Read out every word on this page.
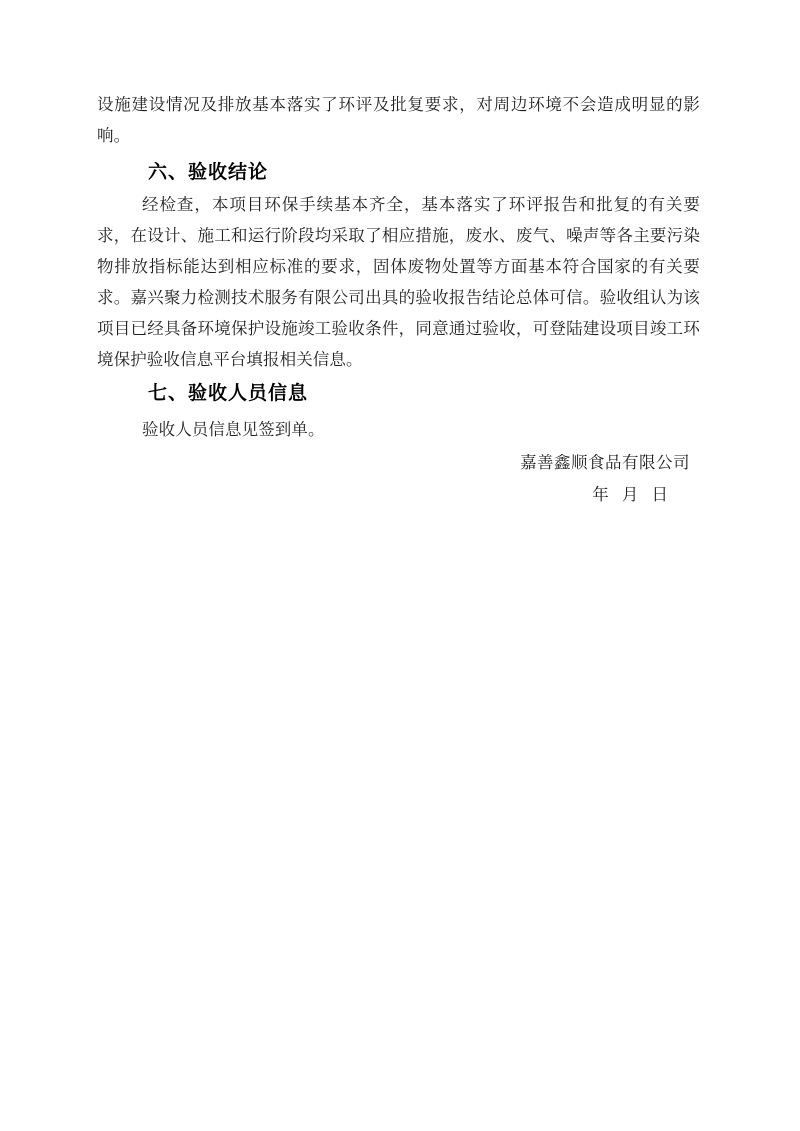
设施建设情况及排放基本落实了环评及批复要求，对周边环境不会造成明显的影响。

六、验收结论

经检查，本项目环保手续基本齐全，基本落实了环评报告和批复的有关要求，在设计、施工和运行阶段均采取了相应措施，废水、废气、噪声等各主要污染物排放指标能达到相应标准的要求，固体废物处置等方面基本符合国家的有关要求。嘉兴聚力检测技术服务有限公司出具的验收报告结论总体可信。验收组认为该项目已经具备环境保护设施竣工验收条件，同意通过验收，可登陆建设项目竣工环境保护验收信息平台填报相关信息。

七、验收人员信息

验收人员信息见签到单。

嘉善鑫顺食品有限公司

年 月 日
